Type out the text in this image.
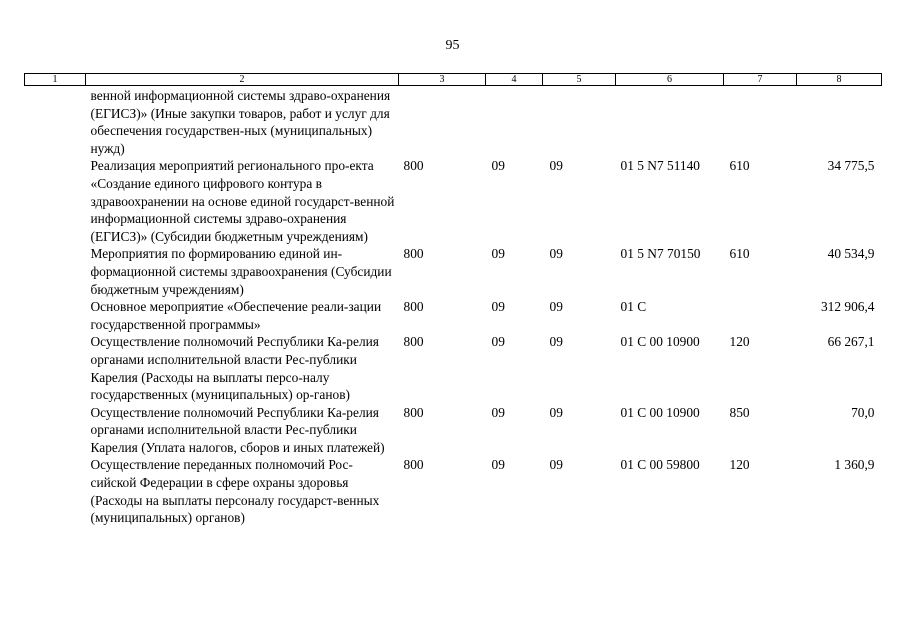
95
1	2	3	4	5	6	7	8
	венной информационной системы здраво-охранения (ЕГИСЗ)» (Иные закупки товаров, работ и услуг для обеспечения государствен-ных (муниципальных) нужд)						
	Реализация мероприятий регионального про-екта «Создание единого цифрового контура в здравоохранении на основе единой государст-венной информационной системы здраво-охранения (ЕГИСЗ)» (Субсидии бюджетным учреждениям)	800	09	09	01 5 N7 51140	610	34 775,5
	Мероприятия по формированию единой ин-формационной системы здравоохранения (Субсидии бюджетным учреждениям)	800	09	09	01 5 N7 70150	610	40 534,9
	Основное мероприятие «Обеспечение реали-зации государственной программы»	800	09	09	01 С		312 906,4
	Осуществление полномочий Республики Ка-релия органами исполнительной власти Рес-публики Карелия (Расходы на выплаты персо-налу государственных (муниципальных) ор-ганов)	800	09	09	01 С 00 10900	120	66 267,1
	Осуществление полномочий Республики Ка-релия органами исполнительной власти Рес-публики Карелия (Уплата налогов, сборов и иных платежей)	800	09	09	01 С 00 10900	850	70,0
	Осуществление переданных полномочий Рос-сийской Федерации в сфере охраны здоровья (Расходы на выплаты персоналу государст-венных (муниципальных) органов)	800	09	09	01 С 00 59800	120	1 360,9
